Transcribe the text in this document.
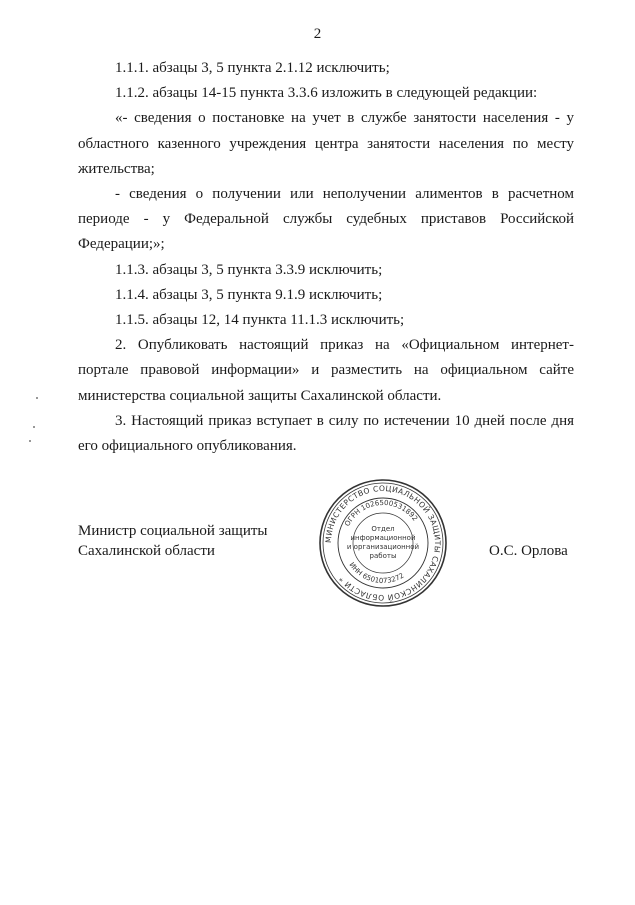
2

1.1.1. абзацы 3, 5 пункта 2.1.12 исключить;

1.1.2. абзацы 14-15 пункта 3.3.6 изложить в следующей редакции:

«- сведения о постановке на учет в службе занятости населения - у областного казенного учреждения центра занятости населения по месту жительства;

- сведения о получении или неполучении алиментов в расчетном периоде - у Федеральной службы судебных приставов Российской Федерации;»;

1.1.3. абзацы 3, 5 пункта 3.3.9 исключить;

1.1.4. абзацы 3, 5 пункта 9.1.9 исключить;

1.1.5. абзацы 12, 14 пункта 11.1.3 исключить;

2. Опубликовать настоящий приказ на «Официальном интернет-портале правовой информации» и разместить на официальном сайте министерства социальной защиты Сахалинской области.

3. Настоящий приказ вступает в силу по истечении 10 дней после дня его официального опубликования.

Министр социальной защиты
Сахалинской области
МИНИСТЕРСТВО СОЦИАЛЬНОЙ ЗАЩИТЫ САХАЛИНСКОЙ ОБЛАСТИ *
ОГРН 1026500531892
ИНН 6501073272
Отдел
информационной
и организационной
работы	О.С. Орлова
